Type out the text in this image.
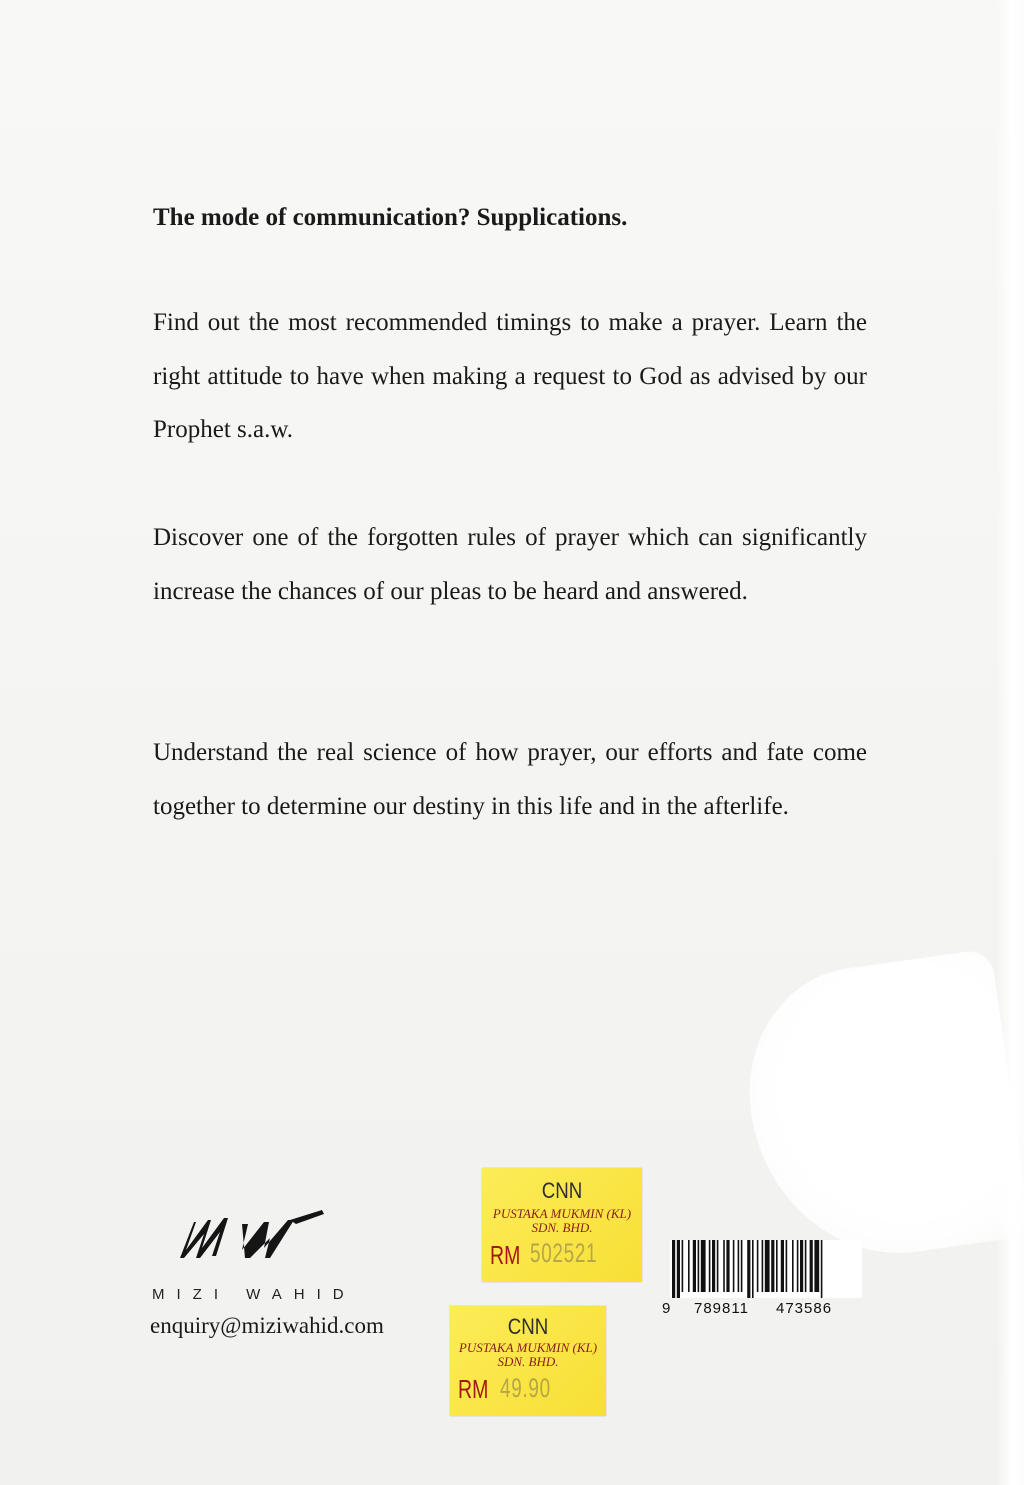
The mode of communication? Supplications.
Find out the most recommended timings to make a prayer. Learn the right attitude to have when making a request to God as advised by our Prophet s.a.w.
Discover one of the forgotten rules of prayer which can significantly increase the chances of our pleas to be heard and answered.
Understand the real science of how prayer, our efforts and fate come together to determine our destiny in this life and in the afterlife.
MIZI WAHID
enquiry@miziwahid.com
CNN
PUSTAKA MUKMIN (KL)
SDN. BHD.
RM 502521
CNN
PUSTAKA MUKMIN (KL)
SDN. BHD.
RM 49.90
9 789811 473586
